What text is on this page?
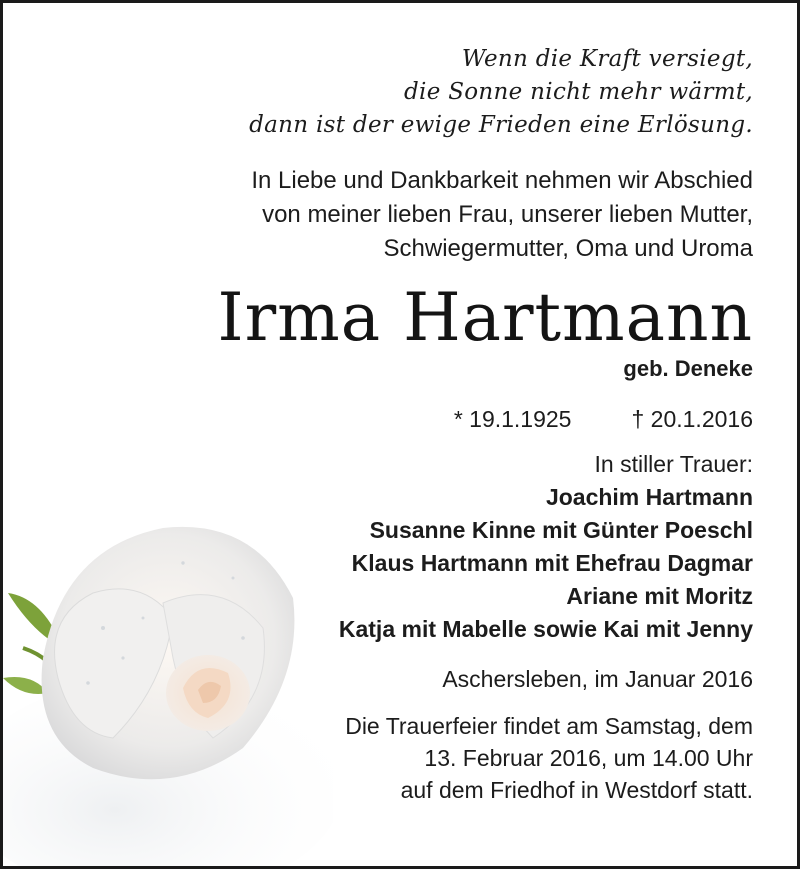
Wenn die Kraft versiegt,
die Sonne nicht mehr wärmt,
dann ist der ewige Frieden eine Erlösung.
In Liebe und Dankbarkeit nehmen wir Abschied
von meiner lieben Frau, unserer lieben Mutter,
Schwiegermutter, Oma und Uroma
Irma Hartmann
geb. Deneke
* 19.1.1925	† 20.1.2016
In stiller Trauer:
Joachim Hartmann
Susanne Kinne mit Günter Poeschl
Klaus Hartmann mit Ehefrau Dagmar
Ariane mit Moritz
Katja mit Mabelle sowie Kai mit Jenny
Aschersleben, im Januar 2016
Die Trauerfeier findet am Samstag, dem
13. Februar 2016, um 14.00 Uhr
auf dem Friedhof in Westdorf statt.
